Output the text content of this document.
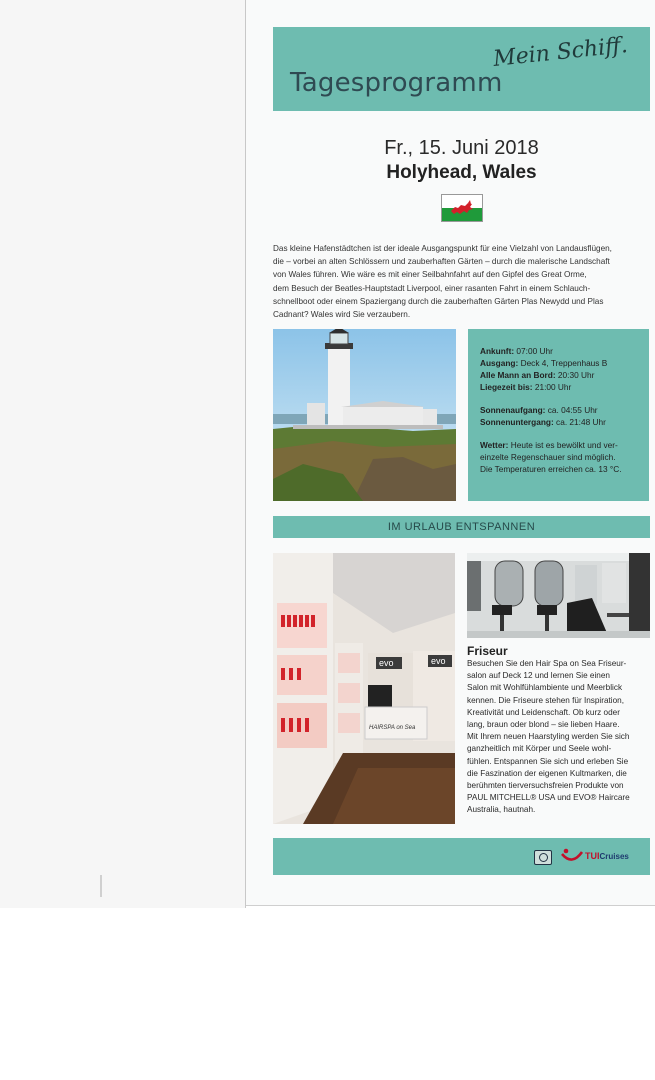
Tagesprogramm
Mein Schiff.
Fr., 15. Juni 2018
Holyhead, Wales
Das kleine Hafenstädtchen ist der ideale Ausgangspunkt für eine Vielzahl von Landausflügen,
die – vorbei an alten Schlössern und zauberhaften Gärten – durch die malerische Landschaft
von Wales führen. Wie wäre es mit einer Seilbahnfahrt auf den Gipfel des Great Orme,
dem Besuch der Beatles-Hauptstadt Liverpool, einer rasanten Fahrt in einem Schlauch-
schnellboot oder einem Spaziergang durch die zauberhaften Gärten Plas Newydd und Plas
Cadnant? Wales wird Sie verzaubern.

Ankunft: 07:00 Uhr

Ausgang: Deck 4, Treppenhaus B

Alle Mann an Bord: 20:30 Uhr

Liegezeit bis: 21:00 Uhr

Sonnenaufgang: ca. 04:55 Uhr

Sonnenuntergang: ca. 21:48 Uhr

Wetter: Heute ist es bewölkt und ver-

einzelte Regenschauer sind möglich.

Die Temperaturen erreichen ca. 13 °C.

IM URLAUB ENTSPANNEN
evo	evo
HAIRSPA on Sea
Friseur
Besuchen Sie den Hair Spa on Sea Friseur-
salon auf Deck 12 und lernen Sie einen
Salon mit Wohlfühlambiente und Meerblick
kennen. Die Friseure stehen für Inspiration,
Kreativität und Leidenschaft. Ob kurz oder
lang, braun oder blond – sie lieben Haare.
Mit Ihrem neuen Haarstyling werden Sie sich
ganzheitlich mit Körper und Seele wohl-
fühlen. Entspannen Sie sich und erleben Sie
die Faszination der eigenen Kultmarken, die
berühmten tierversuchsfreien Produkte von
PAUL MITCHELL® USA und EVO® Haircare
Australia, hautnah.
TUICruises
